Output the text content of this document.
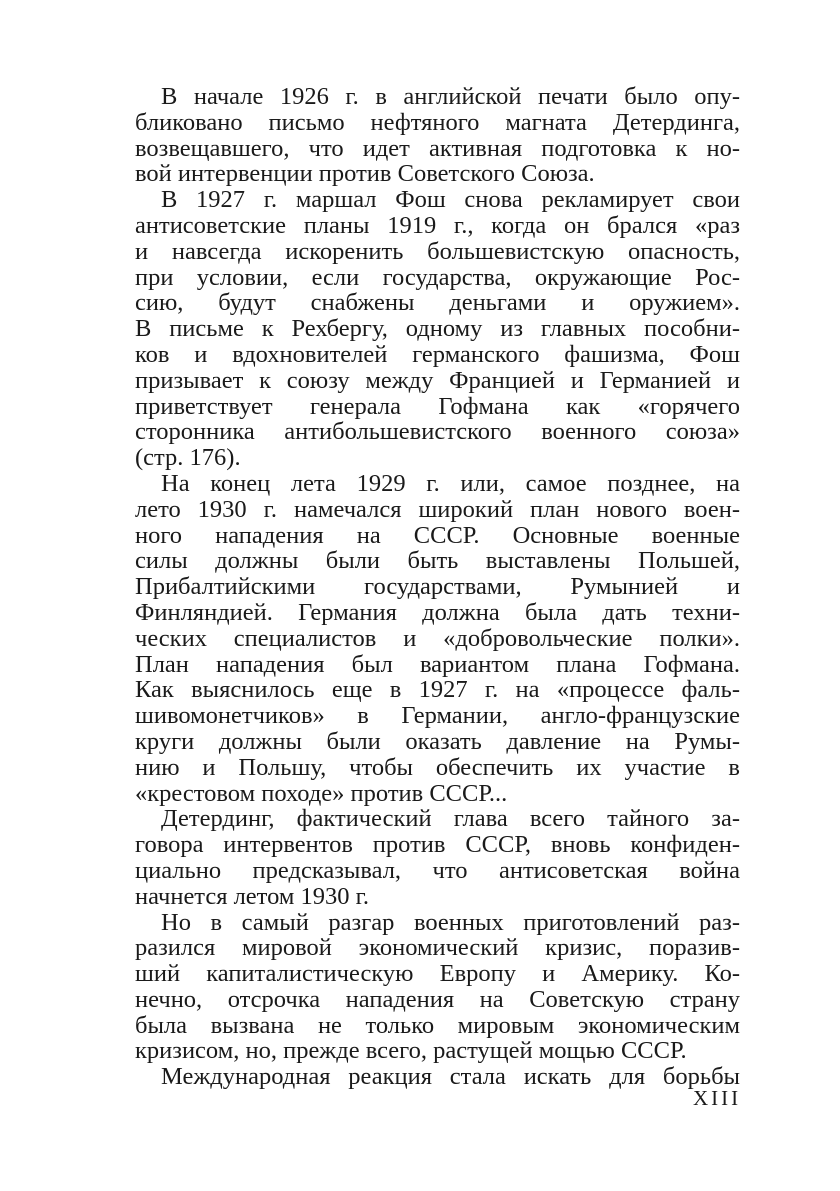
В начале 1926 г. в английской печати было опу-
бликовано письмо нефтяного магната Детердинга,
возвещавшего, что идет активная подготовка к но-
вой интервенции против Советского Союза.
В 1927 г. маршал Фош снова рекламирует свои
антисоветские планы 1919 г., когда он брался «раз
и навсегда искоренить большевистскую опасность,
при условии, если государства, окружающие Рос-
сию, будут снабжены деньгами и оружием».
В письме к Рехбергу, одному из главных пособни-
ков и вдохновителей германского фашизма, Фош
призывает к союзу между Францией и Германией и
приветствует генерала Гофмана как «горячего
сторонника антибольшевистского военного союза»
(стр. 176).
На конец лета 1929 г. или, самое позднее, на
лето 1930 г. намечался широкий план нового воен-
ного нападения на СССР. Основные военные
силы должны были быть выставлены Польшей,
Прибалтийскими государствами, Румынией и
Финляндией. Германия должна была дать техни-
ческих специалистов и «добровольческие полки».
План нападения был вариантом плана Гофмана.
Как выяснилось еще в 1927 г. на «процессе фаль-
шивомонетчиков» в Германии, англо-французские
круги должны были оказать давление на Румы-
нию и Польшу, чтобы обеспечить их участие в
«крестовом походе» против СССР...
Детердинг, фактический глава всего тайного за-
говора интервентов против СССР, вновь конфиден-
циально предсказывал, что антисоветская война
начнется летом 1930 г.
Но в самый разгар военных приготовлений раз-
разился мировой экономический кризис, поразив-
ший капиталистическую Европу и Америку. Ко-
нечно, отсрочка нападения на Советскую страну
была вызвана не только мировым экономическим
кризисом, но, прежде всего, растущей мощью СССР.
Международная реакция стала искать для борьбы
XIII
